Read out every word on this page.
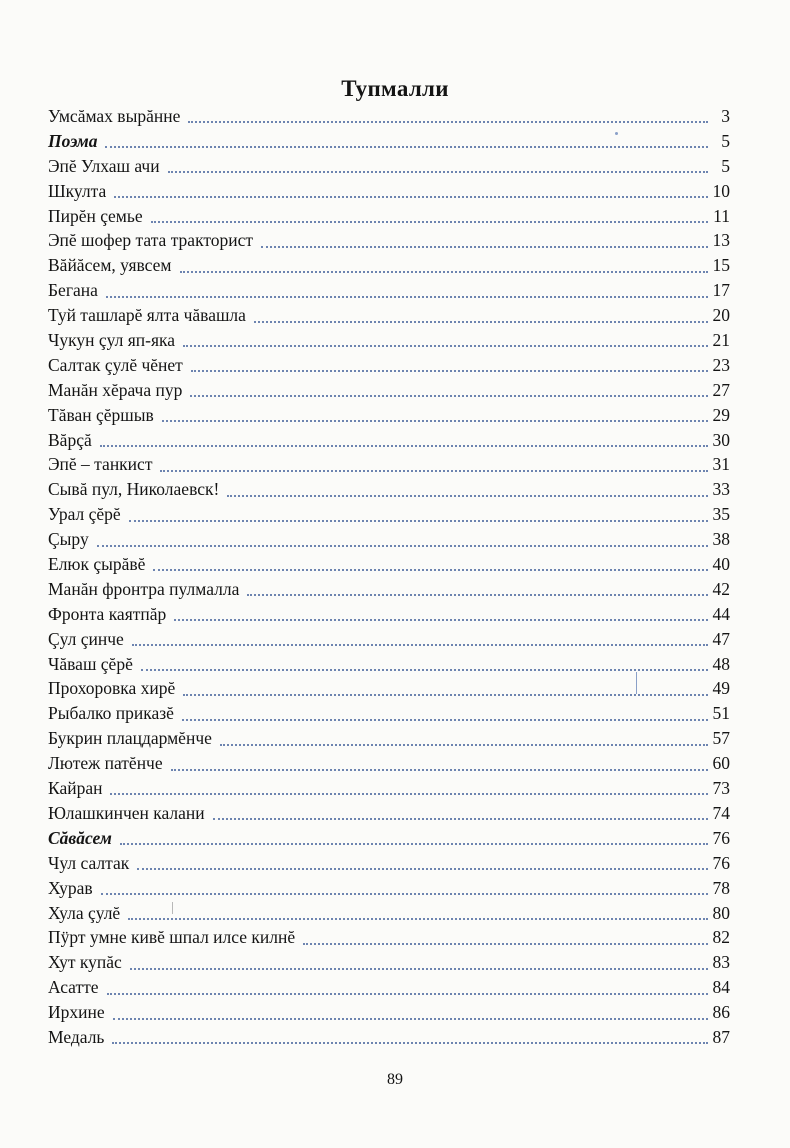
Тупмалли
Умсăмах вырăнне	3
Поэма	5
Эпĕ Улхаш ачи	5
Шкулта	10
Пирĕн çемье	11
Эпĕ шофер тата тракторист	13
Вăйăсем, уявсем	15
Бегана	17
Туй ташларĕ ялта чăвашла	20
Чукун çул яп-яка	21
Салтак çулĕ чĕнет	23
Манăн хĕрача пур	27
Тăван çĕршыв	29
Вăрçă	30
Эпĕ – танкист	31
Сывă пул, Николаевск!	33
Урал çĕрĕ	35
Çыру	38
Елюк çырăвĕ	40
Манăн фронтра пулмалла	42
Фронта каятпăр	44
Çул çинче	47
Чăваш çĕрĕ	48
Прохоровка хирĕ	49
Рыбалко приказĕ	51
Букрин плацдармĕнче	57
Лютеж патĕнче	60
Кайран	73
Юлашкинчен калани	74
Сăвăсем	76
Чул салтак	76
Хурав	78
Хула çулĕ	80
Пÿрт умне кивĕ шпал илсе килнĕ	82
Хут купăс	83
Асатте	84
Ирхине	86
Медаль	87
89
